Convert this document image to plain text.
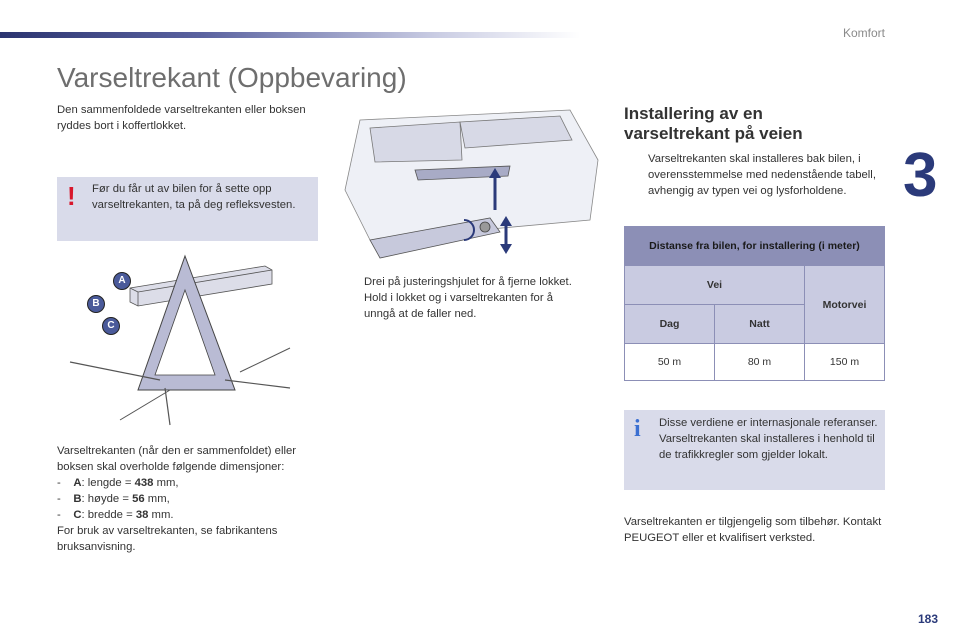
Komfort
3
Varseltrekant (Oppbevaring)

Den sammenfoldede varseltrekanten eller boksen ryddes bort i koffertlokket.

! Før du får ut av bilen for å sette opp varseltrekanten, ta på deg refleksvesten.

A
B
C

Varseltrekanten (når den er sammenfoldet) eller boksen skal overholde følgende dimensjoner:

- A: lengde = 438 mm,
- B: høyde = 56 mm,
- C: bredde = 38 mm.

For bruk av varseltrekanten, se fabrikantens bruksanvisning.

Drei på justeringshjulet for å fjerne lokket.
Hold i lokket og i varseltrekanten for å unngå at de faller ned.
Installering av en varseltrekant på veien
Varseltrekanten skal installeres bak bilen, i overensstemmelse med nedenstående tabell, avhengig av typen vei og lysforholdene.
Distanse fra bilen, for installering (i meter)		
Vei		Motorvei
Dag	Natt	
50 m	80 m	150 m
i Disse verdiene er internasjonale referanser.
Varseltrekanten skal installeres i henhold til de trafikkregler som gjelder lokalt.

Varseltrekanten er tilgjengelig som tilbehør. Kontakt PEUGEOT eller et kvalifisert verksted.

183
